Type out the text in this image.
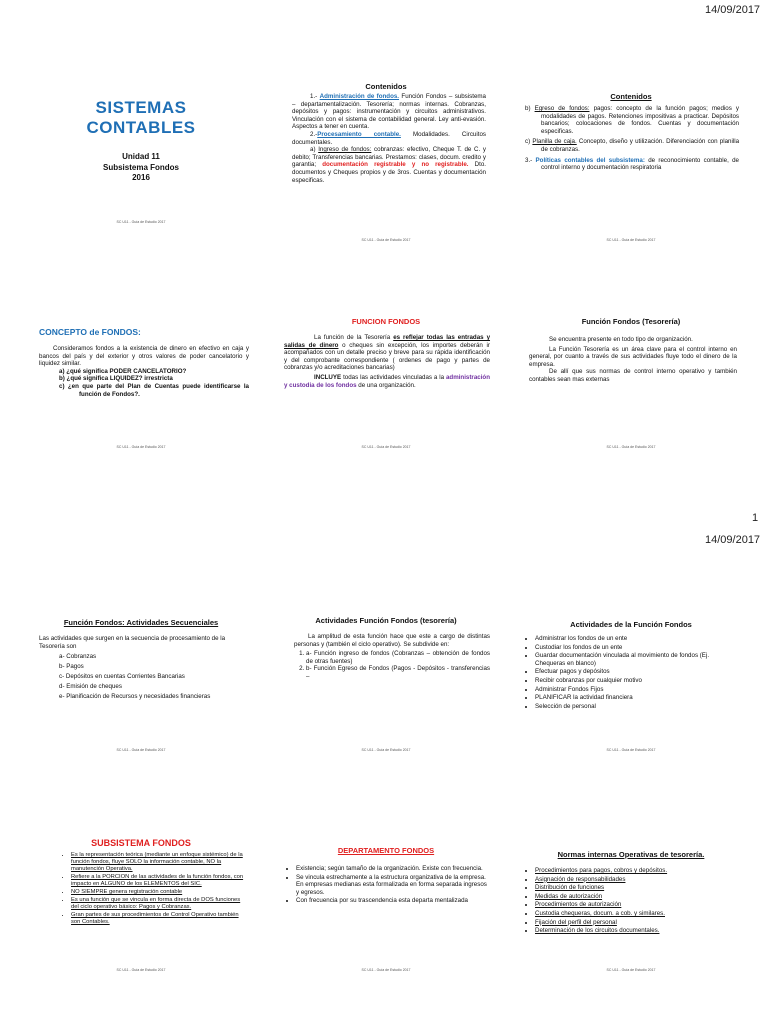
14/09/2017
1
14/09/2017
SISTEMAS
CONTABLES
Unidad 11
Subsistema Fondos
2016
SC U11 - Guía de Estudio 2017
Contenidos

1.- Administración de fondos. Función Fondos – subsistema – departamentalización. Tesorería; normas internas. Cobranzas, depósitos y pagos: instrumentación y circuitos administrativos. Vinculación con el sistema de contabilidad general. Ley anti-evasión. Aspectos a tener en cuenta.

2.-Procesamiento contable. Modalidades. Circuitos documentales.

a) Ingreso de fondos: cobranzas: efectivo, Cheque T. de C. y debito; Transferencias bancarias. Prestamos: clases, docum. credito y garantia; documentación registrable y no registrable. Dto. documentos y Cheques propios y de 3ros. Cuentas y documentación especificas.

SC U11 - Guía de Estudio 2017
Contenidos

b) Egreso de fondos: pagos: concepto de la función pagos; medios y modalidades de pagos. Retenciones impositivas a practicar. Depósitos bancarios; colocaciones de fondos. Cuentas y documentación especificas.

c) Planilla de caja. Concepto, diseño y utilización. Diferenciación con planilla de cobranzas.

3.- Políticas contables del subsistema: de reconocimiento contable, de control interno y documentación respiratoria

SC U11 - Guía de Estudio 2017
CONCEPTO de FONDOS:

Consideramos fondos a la existencia de dinero en efectivo en caja y bancos del país y del exterior y otros valores de poder cancelatorio y liquidez similar.

a) ¿qué significa PODER CANCELATORIO?

b) ¿qué significa LIQUIDEZ? irrestricta

c) ¿en que parte del Plan de Cuentas puede identificarse la función de Fondos?.

SC U11 - Guía de Estudio 2017
FUNCION FONDOS

La función de la Tesorería es reflejar todas las entradas y salidas de dinero o cheques sin excepción, los importes deberán ir acompañados con un detalle preciso y breve para su rápida identificación y del comprobante correspondiente ( ordenes de pago y partes de cobranzas y/o acreditaciones bancarias)

INCLUYE todas las actividades vinculadas a la administración y custodia de los fondos de una organización.

SC U11 - Guía de Estudio 2017
Función Fondos (Tesorería)

Se encuentra presente en todo tipo de organización.

La Función Tesorería es un área clave para el control interno en general, por cuanto a través de sus actividades fluye todo el dinero de la empresa.

De allí que sus normas de control interno operativo y también contables sean mas externas

SC U11 - Guía de Estudio 2017
Función Fondos: Actividades Secuenciales

Las actividades que surgen en la secuencia de procesamiento de la Tesorería son

a- Cobranzas
b- Pagos
c- Depósitos en cuentas Corrientes Bancarias
d- Emisión de cheques
e- Planificación de Recursos y necesidades financieras
SC U11 - Guía de Estudio 2017
Actividades Función Fondos (tesorería)

La amplitud de esta función hace que este a cargo de distintas personas y (también el ciclo operativo). Se subdivide en:

1. a- Función ingreso de fondos (Cobranzas – obtención de fondos de otras fuentes)
2. b- Función Egreso de Fondos (Pagos - Depósitos - transferencias –
SC U11 - Guía de Estudio 2017
Actividades de la Función Fondos
• Administrar los fondos de un ente
• Custodiar los fondos de un ente
• Guardar documentación vinculada al movimiento de fondos (Ej. Chequeras en blanco)
• Efectuar pagos y depósitos
• Recibir cobranzas por cualquier motivo
• Administrar Fondos Fijos
• PLANIFICAR la actividad financiera
• Selección de personal
SC U11 - Guía de Estudio 2017
SUBSISTEMA FONDOS
• Es la representación teórica (mediante un enfoque sistémico) de la función fondos, fluye SOLO la información contable, NO la manutención Operativa.
• Refiere a la PORCION de las actividades de la función fondos, con impacto en ALGUNO de los ELEMENTOS del SIC.
• NO SIEMPRE genera registración contable
• Es una función que se vincula en forma directa de DOS funciones del ciclo operativo básico: Pagos y Cobranzas.
• Gran partes de sus procedimientos de Control Operativo también son Contables.
SC U11 - Guía de Estudio 2017
DEPARTAMENTO FONDOS
• Existencia; según tamaño de la organización. Existe con frecuencia.
• Se vincula estrechamente a la estructura organizativa de la empresa. En empresas medianas esta formalizada en forma separada ingresos y egresos.
• Con frecuencia por su trascendencia esta departa mentalizada
SC U11 - Guía de Estudio 2017
Normas internas Operativas de tesorería.
• Procedimientos para pagos, cobros y depósitos.
• Asignación de responsabilidades
• Distribución de funciones
• Medidas de autorización
• Procedimientos de autorización
• Custodia chequeras, docum. a cob. y similares.
• Fijación del perfil del personal
• Determinación de los circuitos documentales.
SC U11 - Guía de Estudio 2017
